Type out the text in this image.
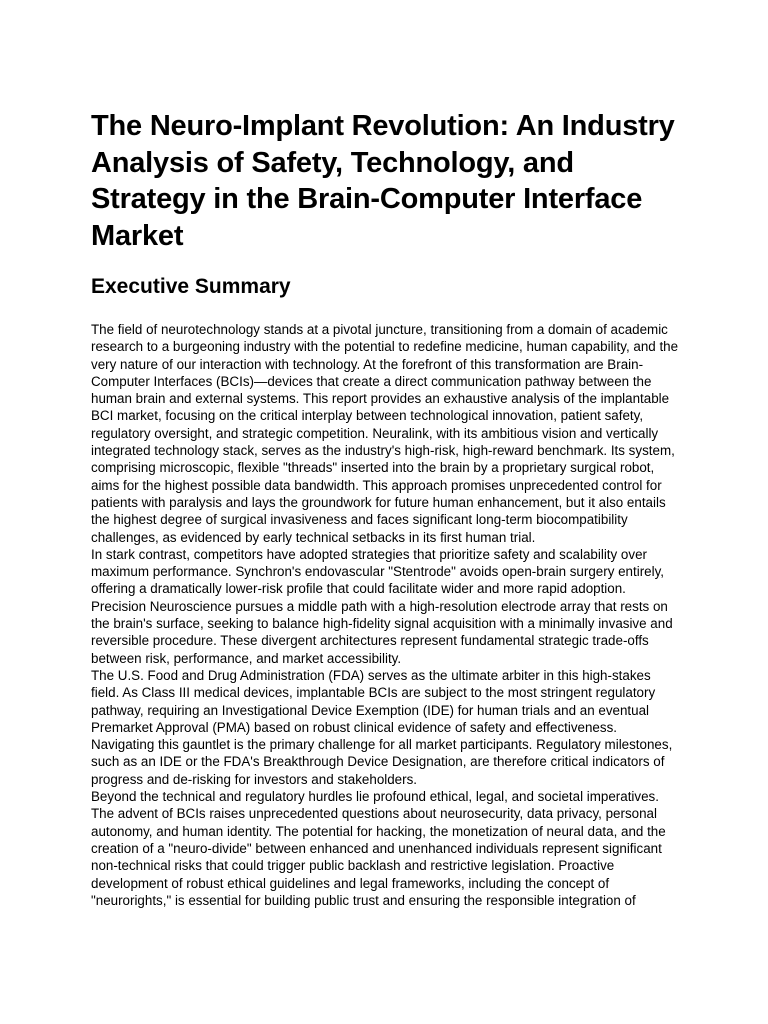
The Neuro-Implant Revolution: An Industry Analysis of Safety, Technology, and Strategy in the Brain-Computer Interface Market
Executive Summary

The field of neurotechnology stands at a pivotal juncture, transitioning from a domain of academic research to a burgeoning industry with the potential to redefine medicine, human capability, and the very nature of our interaction with technology. At the forefront of this transformation are Brain-Computer Interfaces (BCIs)—devices that create a direct communication pathway between the human brain and external systems. This report provides an exhaustive analysis of the implantable BCI market, focusing on the critical interplay between technological innovation, patient safety, regulatory oversight, and strategic competition. Neuralink, with its ambitious vision and vertically integrated technology stack, serves as the industry's high-risk, high-reward benchmark. Its system, comprising microscopic, flexible "threads" inserted into the brain by a proprietary surgical robot, aims for the highest possible data bandwidth. This approach promises unprecedented control for patients with paralysis and lays the groundwork for future human enhancement, but it also entails the highest degree of surgical invasiveness and faces significant long-term biocompatibility challenges, as evidenced by early technical setbacks in its first human trial.

In stark contrast, competitors have adopted strategies that prioritize safety and scalability over maximum performance. Synchron's endovascular "Stentrode" avoids open-brain surgery entirely, offering a dramatically lower-risk profile that could facilitate wider and more rapid adoption. Precision Neuroscience pursues a middle path with a high-resolution electrode array that rests on the brain's surface, seeking to balance high-fidelity signal acquisition with a minimally invasive and reversible procedure. These divergent architectures represent fundamental strategic trade-offs between risk, performance, and market accessibility.

The U.S. Food and Drug Administration (FDA) serves as the ultimate arbiter in this high-stakes field. As Class III medical devices, implantable BCIs are subject to the most stringent regulatory pathway, requiring an Investigational Device Exemption (IDE) for human trials and an eventual Premarket Approval (PMA) based on robust clinical evidence of safety and effectiveness. Navigating this gauntlet is the primary challenge for all market participants. Regulatory milestones, such as an IDE or the FDA's Breakthrough Device Designation, are therefore critical indicators of progress and de-risking for investors and stakeholders.

Beyond the technical and regulatory hurdles lie profound ethical, legal, and societal imperatives. The advent of BCIs raises unprecedented questions about neurosecurity, data privacy, personal autonomy, and human identity. The potential for hacking, the monetization of neural data, and the creation of a "neuro-divide" between enhanced and unenhanced individuals represent significant non-technical risks that could trigger public backlash and restrictive legislation. Proactive development of robust ethical guidelines and legal frameworks, including the concept of "neurorights," is essential for building public trust and ensuring the responsible integration of
